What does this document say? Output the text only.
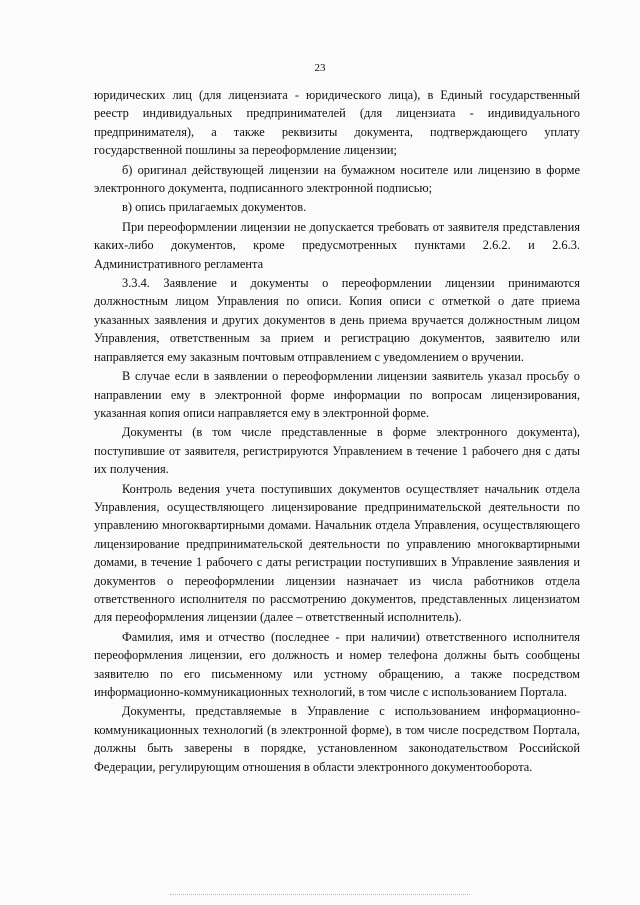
23

юридических лиц (для лицензиата - юридического лица), в Единый государственный реестр индивидуальных предпринимателей (для лицензиата - индивидуального предпринимателя), а также реквизиты документа, подтверждающего уплату государственной пошлины за переоформление лицензии;

б) оригинал действующей лицензии на бумажном носителе или лицензию в форме электронного документа, подписанного электронной подписью;

в) опись прилагаемых документов.

При переоформлении лицензии не допускается требовать от заявителя представления каких-либо документов, кроме предусмотренных пунктами 2.6.2. и 2.6.3. Административного регламента

3.3.4. Заявление и документы о переоформлении лицензии принимаются должностным лицом Управления по описи. Копия описи с отметкой о дате приема указанных заявления и других документов в день приема вручается должностным лицом Управления, ответственным за прием и регистрацию документов, заявителю или направляется ему заказным почтовым отправлением с уведомлением о вручении.

В случае если в заявлении о переоформлении лицензии заявитель указал просьбу о направлении ему в электронной форме информации по вопросам лицензирования, указанная копия описи направляется ему в электронной форме.

Документы (в том числе представленные в форме электронного документа), поступившие от заявителя, регистрируются Управлением в течение 1 рабочего дня с даты их получения.

Контроль ведения учета поступивших документов осуществляет начальник отдела Управления, осуществляющего лицензирование предпринимательской деятельности по управлению многоквартирными домами. Начальник отдела Управления, осуществляющего лицензирование предпринимательской деятельности по управлению многоквартирными домами, в течение 1 рабочего с даты регистрации поступивших в Управление заявления и документов о переоформлении лицензии назначает из числа работников отдела ответственного исполнителя по рассмотрению документов, представленных лицензиатом для переоформления лицензии (далее – ответственный исполнитель).

Фамилия, имя и отчество (последнее - при наличии) ответственного исполнителя переоформления лицензии, его должность и номер телефона должны быть сообщены заявителю по его письменному или устному обращению, а также посредством информационно-коммуникационных технологий, в том числе с использованием Портала.

Документы, представляемые в Управление с использованием информационно-коммуникационных технологий (в электронной форме), в том числе посредством Портала, должны быть заверены в порядке, установленном законодательством Российской Федерации, регулирующим отношения в области электронного документооборота.
